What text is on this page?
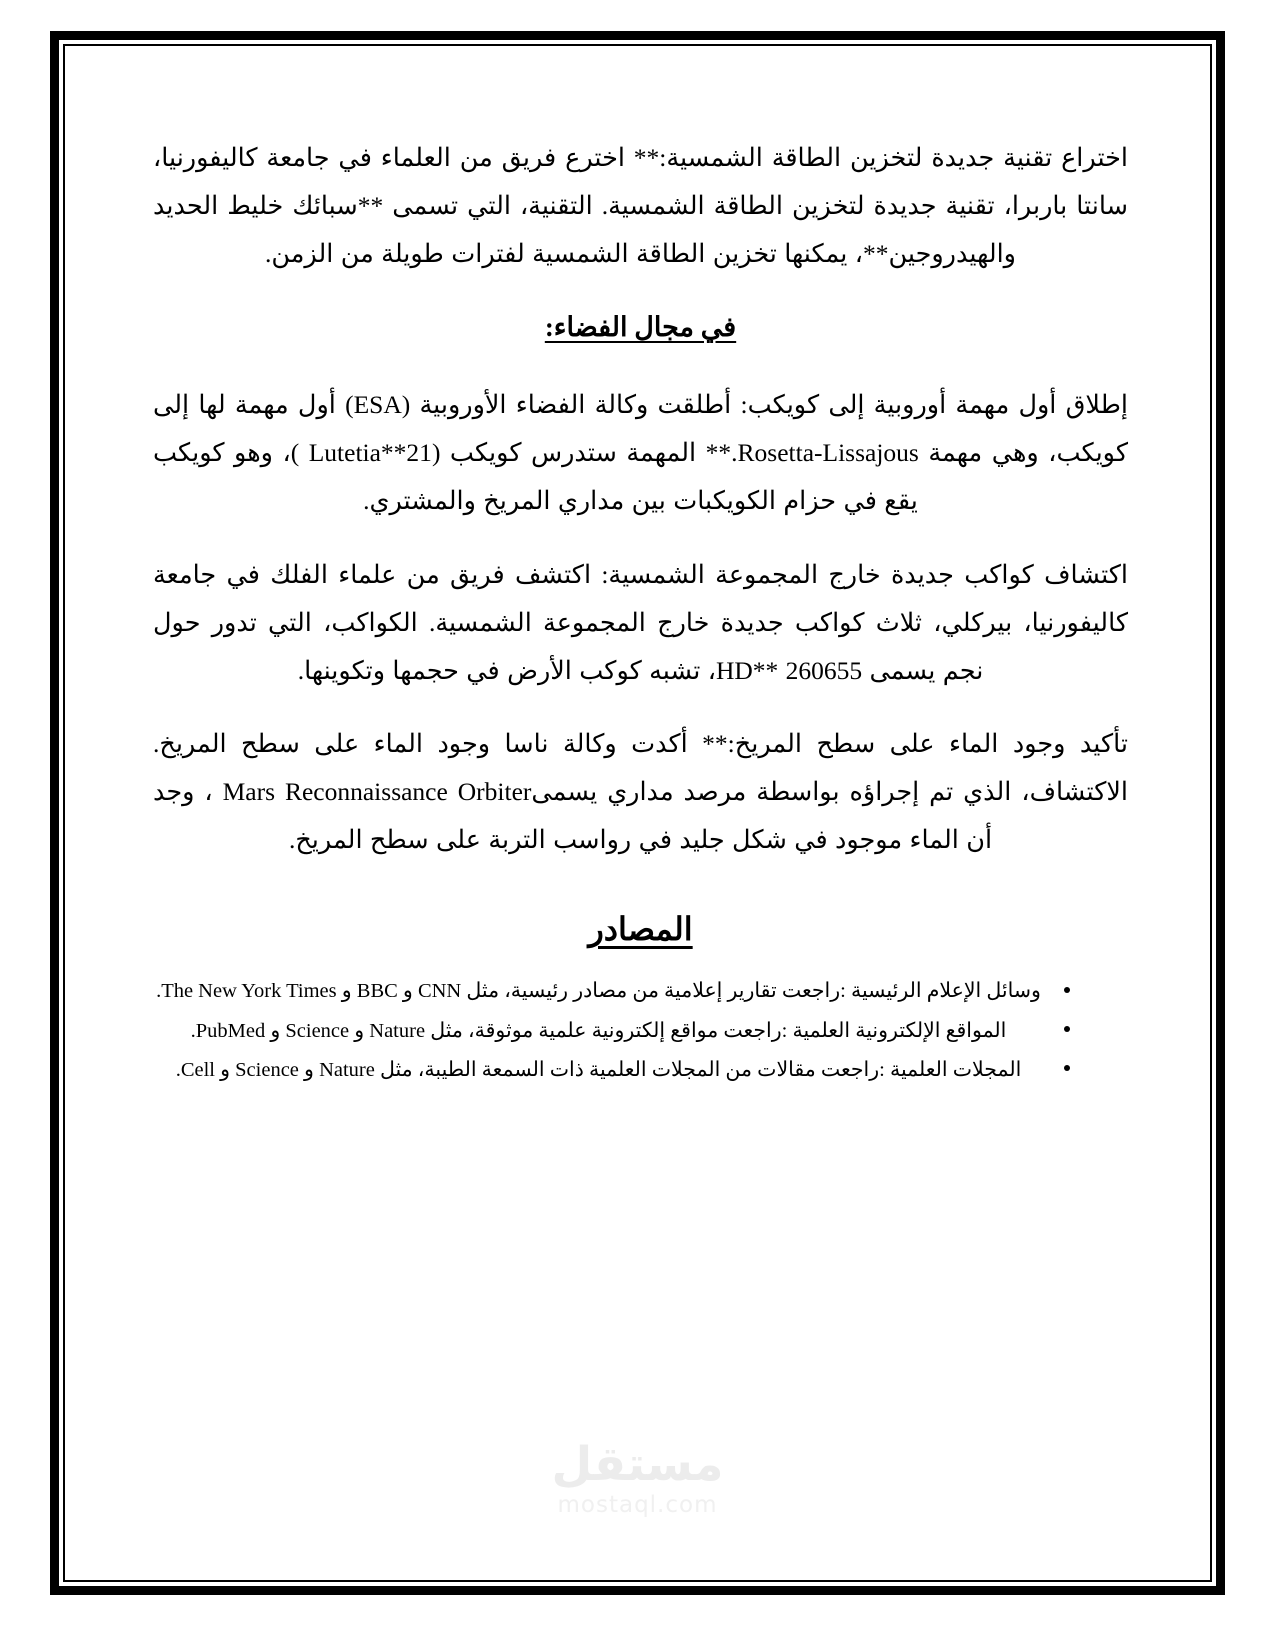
اختراع تقنية جديدة لتخزين الطاقة الشمسية:** اخترع فريق من العلماء في جامعة كاليفورنيا، سانتا باربرا، تقنية جديدة لتخزين الطاقة الشمسية. التقنية، التي تسمى **سبائك خليط الحديد والهيدروجين**، يمكنها تخزين الطاقة الشمسية لفترات طويلة من الزمن.

في مجال الفضاء:

إطلاق أول مهمة أوروبية إلى كويكب: أطلقت وكالة الفضاء الأوروبية (ESA) أول مهمة لها إلى كويكب، وهي مهمة Rosetta-Lissajous.** المهمة ستدرس كويكب (Lutetia**21 )، وهو كويكب يقع في حزام الكويكبات بين مداري المريخ والمشتري.

اكتشاف كواكب جديدة خارج المجموعة الشمسية: اكتشف فريق من علماء الفلك في جامعة كاليفورنيا، بيركلي، ثلاث كواكب جديدة خارج المجموعة الشمسية. الكواكب، التي تدور حول نجم يسمى HD** 260655، تشبه كوكب الأرض في حجمها وتكوينها.

تأكيد وجود الماء على سطح المريخ:** أكدت وكالة ناسا وجود الماء على سطح المريخ. الاكتشاف، الذي تم إجراؤه بواسطة مرصد مداري يسمىMars Reconnaissance Orbiter ، وجد أن الماء موجود في شكل جليد في رواسب التربة على سطح المريخ.

المصادر
وسائل الإعلام الرئيسية :راجعت تقارير إعلامية من مصادر رئيسية، مثل CNN و BBC و The New York Times.
المواقع الإلكترونية العلمية :راجعت مواقع إلكترونية علمية موثوقة، مثل Nature و Science و PubMed.
المجلات العلمية :راجعت مقالات من المجلات العلمية ذات السمعة الطيبة، مثل Nature و Science و Cell.
مستقل
mostaql.com
